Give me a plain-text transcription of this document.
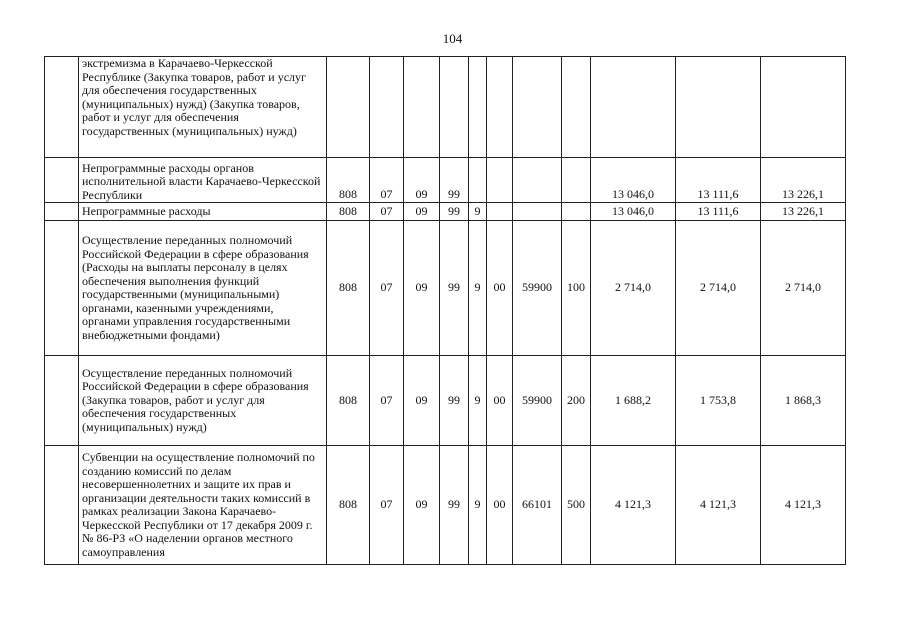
104
	экстремизма в Карачаево-Черкесской Республике (Закупка товаров, работ и услуг для обеспечения государственных (муниципальных) нужд) (Закупка товаров, работ и услуг для обеспечения государственных (муниципальных) нужд)											
	Непрограммные расходы органов исполнительной власти Карачаево-Черкесской Республики	808	07	09	99					13 046,0	13 111,6	13 226,1
	Непрограммные расходы	808	07	09	99	9				13 046,0	13 111,6	13 226,1
	Осуществление переданных полномочий Российской Федерации в сфере образования (Расходы на выплаты персоналу в целях обеспечения выполнения функций государственными (муниципальными) органами, казенными учреждениями, органами управления государственными внебюджетными фондами)	808	07	09	99	9	00	59900	100	2 714,0	2 714,0	2 714,0
	Осуществление переданных полномочий Российской Федерации в сфере образования (Закупка товаров, работ и услуг для обеспечения государственных (муниципальных) нужд)	808	07	09	99	9	00	59900	200	1 688,2	1 753,8	1 868,3
	Субвенции на осуществление полномочий по созданию комиссий по делам несовершеннолетних и защите их прав и организации деятельности таких комиссий в рамках реализации Закона Карачаево-Черкесской Республики от 17 декабря 2009 г. № 86-РЗ «О наделении органов местного самоуправления	808	07	09	99	9	00	66101	500	4 121,3	4 121,3	4 121,3
